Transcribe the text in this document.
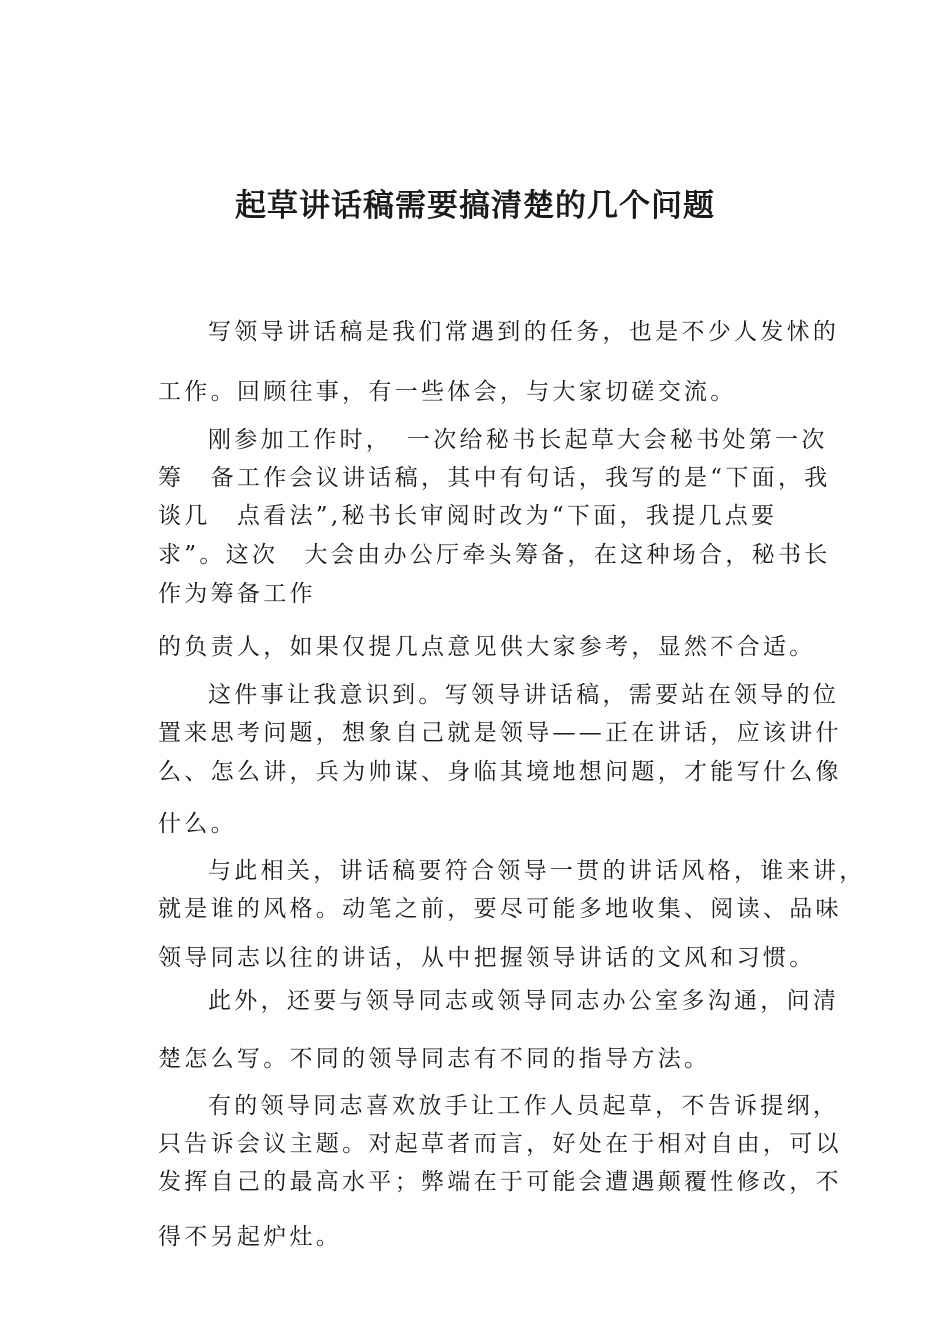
起草讲话稿需要搞清楚的几个问题

写领导讲话稿是我们常遇到的任务，也是不少人发怵的

工作。回顾往事，有一些体会，与大家切磋交流。

刚参加工作时，　一次给秘书长起草大会秘书处第一次

筹　备工作会议讲话稿，其中有句话，我写的是“下面，我

谈几　点看法”,秘书长审阅时改为“下面，我提几点要

求”。这次　大会由办公厅牵头筹备，在这种场合，秘书长

作为筹备工作

的负责人，如果仅提几点意见供大家参考，显然不合适。

这件事让我意识到。写领导讲话稿，需要站在领导的位

置来思考问题，想象自己就是领导——正在讲话，应该讲什

么、怎么讲，兵为帅谋、身临其境地想问题，才能写什么像

什么。

与此相关，讲话稿要符合领导一贯的讲话风格，谁来讲，

就是谁的风格。动笔之前，要尽可能多地收集、阅读、品味

领导同志以往的讲话，从中把握领导讲话的文风和习惯。

此外，还要与领导同志或领导同志办公室多沟通，问清

楚怎么写。不同的领导同志有不同的指导方法。

有的领导同志喜欢放手让工作人员起草，不告诉提纲，

只告诉会议主题。对起草者而言，好处在于相对自由，可以

发挥自己的最高水平；弊端在于可能会遭遇颠覆性修改，不

得不另起炉灶。
